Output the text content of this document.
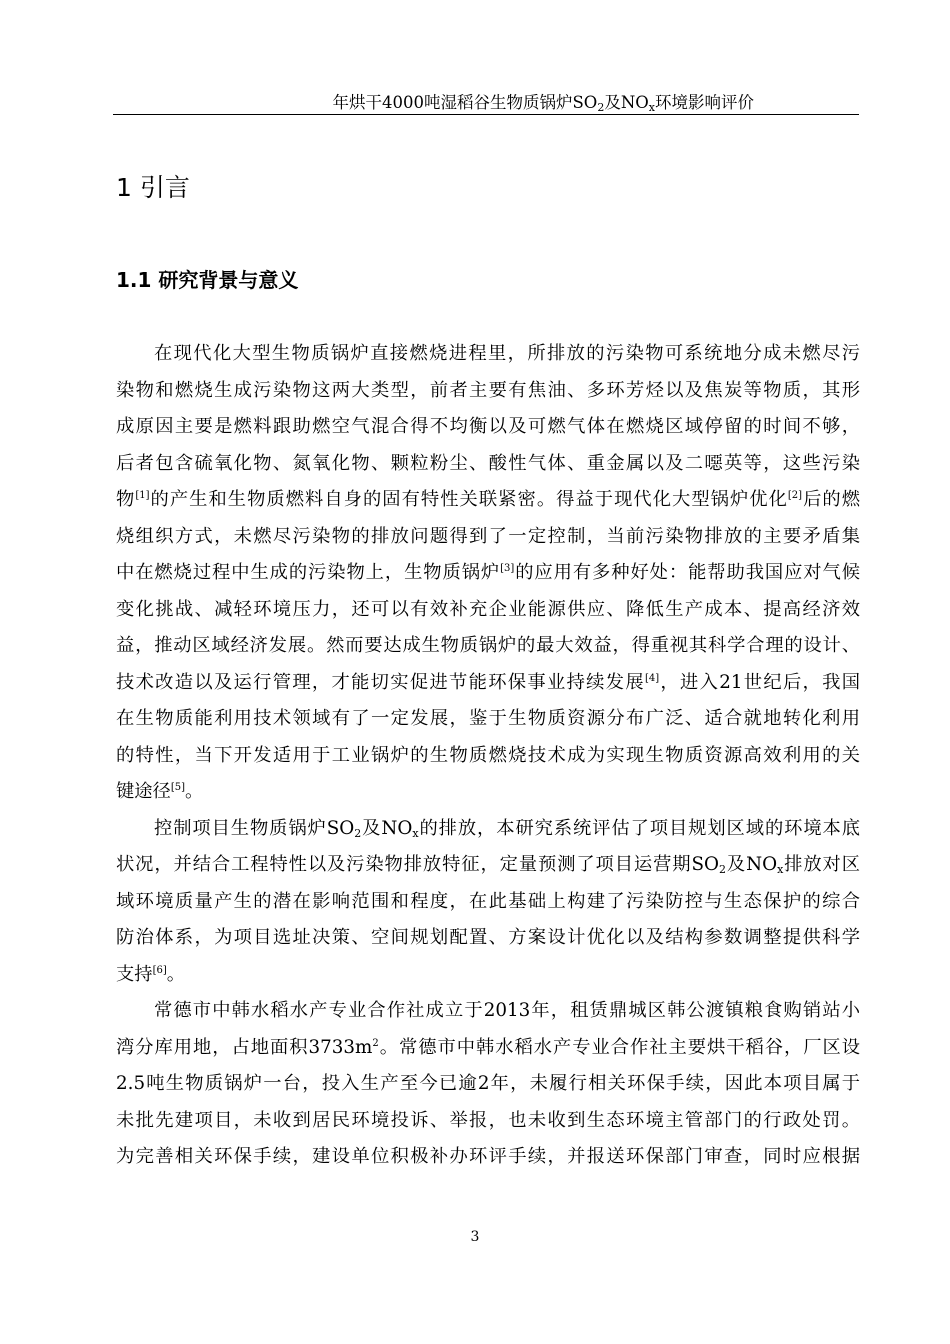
年烘干4000吨湿稻谷生物质锅炉$SO_2$及$NO_x$环境影响评价
1 引言
1.1 研究背景与意义
在现代化大型生物质锅炉直接燃烧进程里，所排放的污染物可系统地分成未燃尽污
染物和燃烧生成污染物这两大类型，前者主要有焦油、多环芳烃以及焦炭等物质，其形
成原因主要是燃料跟助燃空气混合得不均衡以及可燃气体在燃烧区域停留的时间不够，
后者包含硫氧化物、氮氧化物、颗粒粉尘、酸性气体、重金属以及二噁英等，这些污染
物[1]的产生和生物质燃料自身的固有特性关联紧密。得益于现代化大型锅炉优化[2]后的燃
烧组织方式，未燃尽污染物的排放问题得到了一定控制，当前污染物排放的主要矛盾集
中在燃烧过程中生成的污染物上，生物质锅炉[3]的应用有多种好处：能帮助我国应对气候
变化挑战、减轻环境压力，还可以有效补充企业能源供应、降低生产成本、提高经济效
益，推动区域经济发展。然而要达成生物质锅炉的最大效益，得重视其科学合理的设计、
技术改造以及运行管理，才能切实促进节能环保事业持续发展[4]，进入21世纪后，我国
在生物质能利用技术领域有了一定发展，鉴于生物质资源分布广泛、适合就地转化利用
的特性，当下开发适用于工业锅炉的生物质燃烧技术成为实现生物质资源高效利用的关
键途径[5]。
控制项目生物质锅炉$SO_2$及$NO_x$的排放，本研究系统评估了项目规划区域的环境本底
状况，并结合工程特性以及污染物排放特征，定量预测了项目运营期$SO_2$及$NO_x$排放对区
域环境质量产生的潜在影响范围和程度，在此基础上构建了污染防控与生态保护的综合
防治体系，为项目选址决策、空间规划配置、方案设计优化以及结构参数调整提供科学
支持[6]。
常德市中韩水稻水产专业合作社成立于2013年，租赁鼎城区韩公渡镇粮食购销站小
湾分库用地，占地面积$3733m^2$。常德市中韩水稻水产专业合作社主要烘干稻谷，厂区设
2.5吨生物质锅炉一台，投入生产至今已逾2年，未履行相关环保手续，因此本项目属于
未批先建项目，未收到居民环境投诉、举报，也未收到生态环境主管部门的行政处罚。
为完善相关环保手续，建设单位积极补办环评手续，并报送环保部门审查，同时应根据
3
